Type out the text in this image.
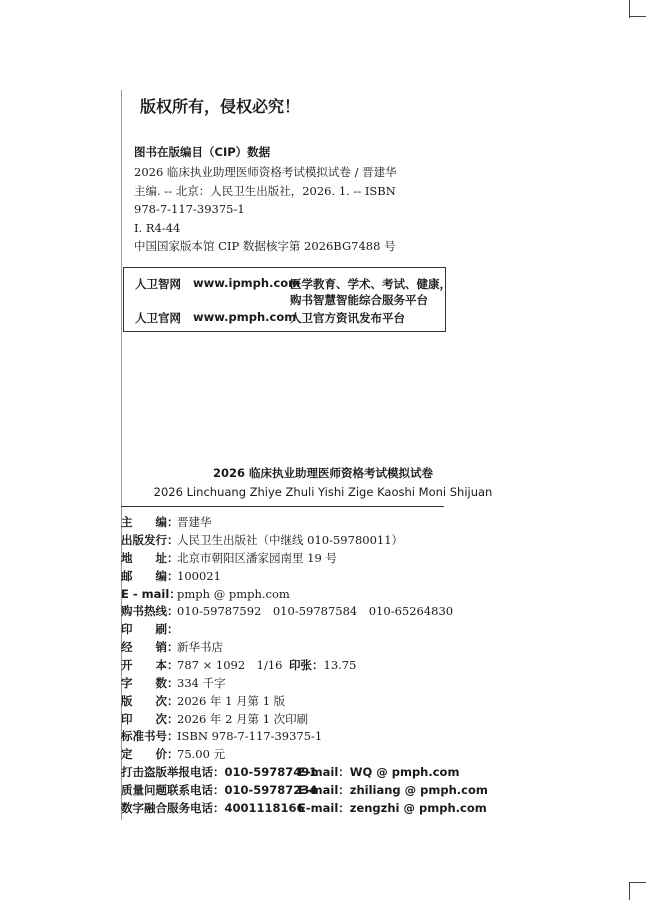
版权所有，侵权必究！
图书在版编目（CIP）数据
2026 临床执业助理医师资格考试模拟试卷 / 晋建华
主编. -- 北京：人民卫生出版社，2026. 1. -- ISBN
978-7-117-39375-1
Ⅰ. R4-44
中国国家版本馆 CIP 数据核字第 2026BG7488 号
人卫智网 www.ipmph.com
医学教育、学术、考试、健康，
购书智慧智能综合服务平台
人卫官网 www.pmph.com
人卫官方资讯发布平台
2026 临床执业助理医师资格考试模拟试卷
2026 Linchuang Zhiye Zhuli Yishi Zige Kaoshi Moni Shijuan
主　　编：晋建华
出版发行：人民卫生出版社（中继线 010-59780011）
地　　址：北京市朝阳区潘家园南里 19 号
邮　　编：100021
E - mail：pmph @ pmph.com
购书热线：010-59787592　010-59787584　010-65264830
印　　刷：
经　　销：新华书店
开　　本：787 × 1092　1/16 印张：13.75
字　　数：334 千字
版　　次：2026 年 1 月第 1 版
印　　次：2026 年 2 月第 1 次印刷
标准书号：ISBN 978-7-117-39375-1
定　　价：75.00 元
打击盗版举报电话：010-59787491
E-mail：WQ @ pmph.com
质量问题联系电话：010-59787234
E-mail：zhiliang @ pmph.com
数字融合服务电话：4001118166
E-mail：zengzhi @ pmph.com
